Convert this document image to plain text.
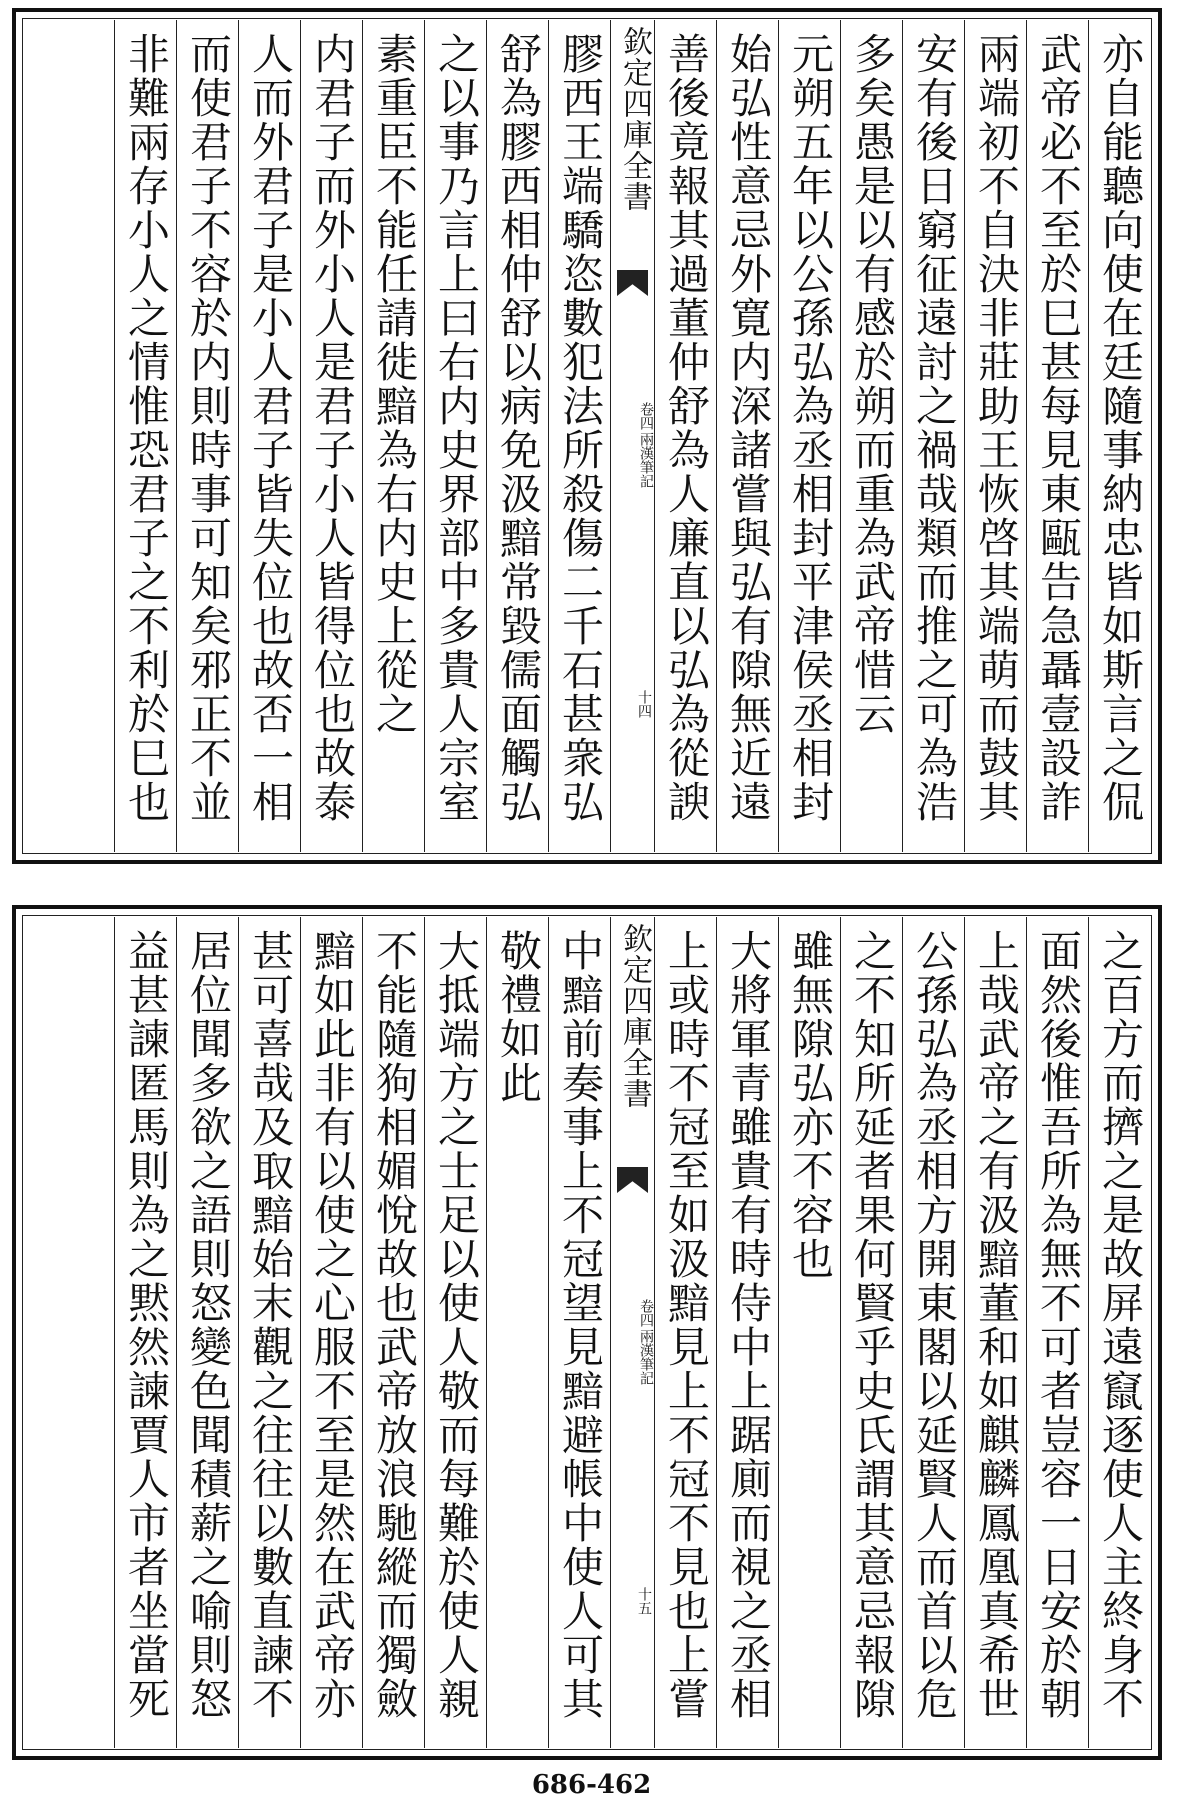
亦自能聽向使在廷隨事納忠皆如斯言之侃
武帝必不至於巳甚每見東甌告急聶壹設詐
兩端初不自決非莊助王恢啓其端萌而鼓其
安有後日窮征遠討之禍哉類而推之可為浩
多矣愚是以有感於朔而重為武帝惜云
元朔五年以公孫弘為丞相封平津侯丞相封
始弘性意忌外寛内深諸嘗與弘有隙無近遠
善後竟報其過董仲舒為人廉直以弘為從諛
欽定四庫全書
兩漢筆記
卷四
十四
膠西王端驕恣數犯法所殺傷二千石甚衆弘
舒為膠西相仲舒以病免汲黯常毀儒面觸弘
之以事乃言上曰右内史界部中多貴人宗室
素重臣不能任請徙黯為右内史上從之
内君子而外小人是君子小人皆得位也故泰
人而外君子是小人君子皆失位也故否一相
而使君子不容於内則時事可知矣邪正不並
非難兩存小人之情惟恐君子之不利於巳也
之百方而擠之是故屏遠竄逐使人主終身不
面然後惟吾所為無不可者豈容一日安於朝
上哉武帝之有汲黯董和如麒麟鳳凰真希世
公孫弘為丞相方開東閣以延賢人而首以危
之不知所延者果何賢乎史氏謂其意忌報隙
雖無隙弘亦不容也
大將軍青雖貴有時侍中上踞廁而視之丞相
上或時不冠至如汲黯見上不冠不見也上嘗
欽定四庫全書
兩漢筆記
卷四
十五
中黯前奏事上不冠望見黯避帳中使人可其
敬禮如此
大抵端方之士足以使人敬而每難於使人親
不能隨狗相媚悅故也武帝放浪馳縱而獨斂
黯如此非有以使之心服不至是然在武帝亦
甚可喜哉及取黯始末觀之往往以數直諫不
居位聞多欲之語則怒變色聞積薪之喻則怒
益甚諫匿馬則為之黙然諫賈人市者坐當死
686-462
